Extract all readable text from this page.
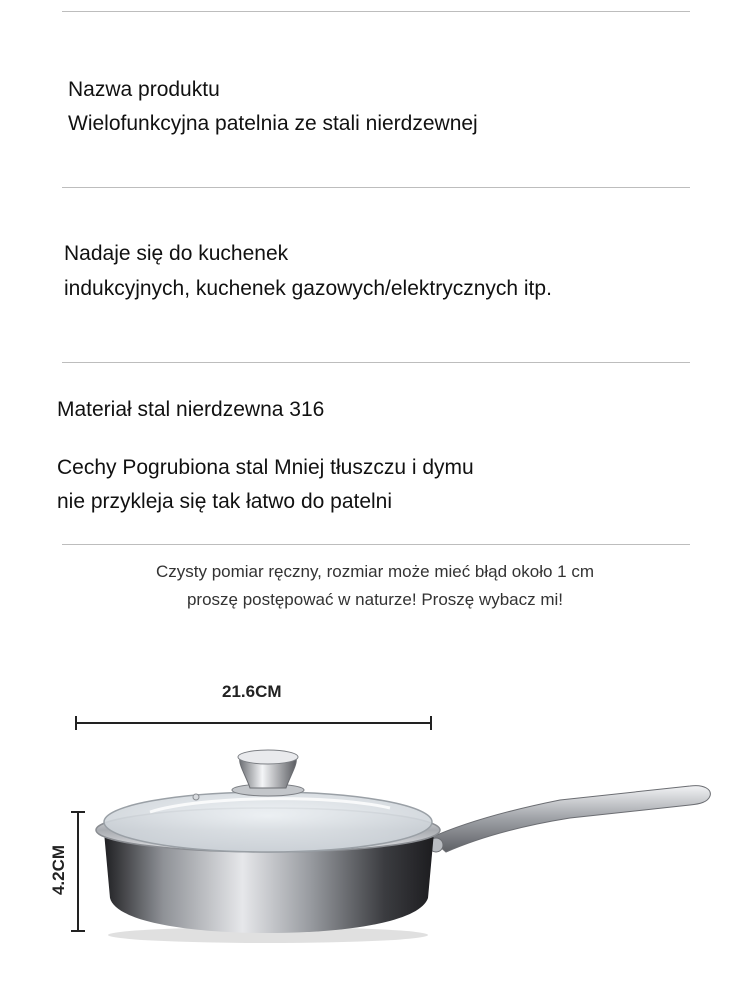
Nazwa produktu
Wielofunkcyjna patelnia ze stali nierdzewnej
Nadaje się do kuchenek
indukcyjnych, kuchenek gazowych/elektrycznych itp.
Materiał stal nierdzewna 316
Cechy Pogrubiona stal Mniej tłuszczu i dymu
nie przykleja się tak łatwo do patelni
Czysty pomiar ręczny, rozmiar może mieć błąd około 1 cm
proszę postępować w naturze! Proszę wybacz mi!
21.6CM
4.2CM
